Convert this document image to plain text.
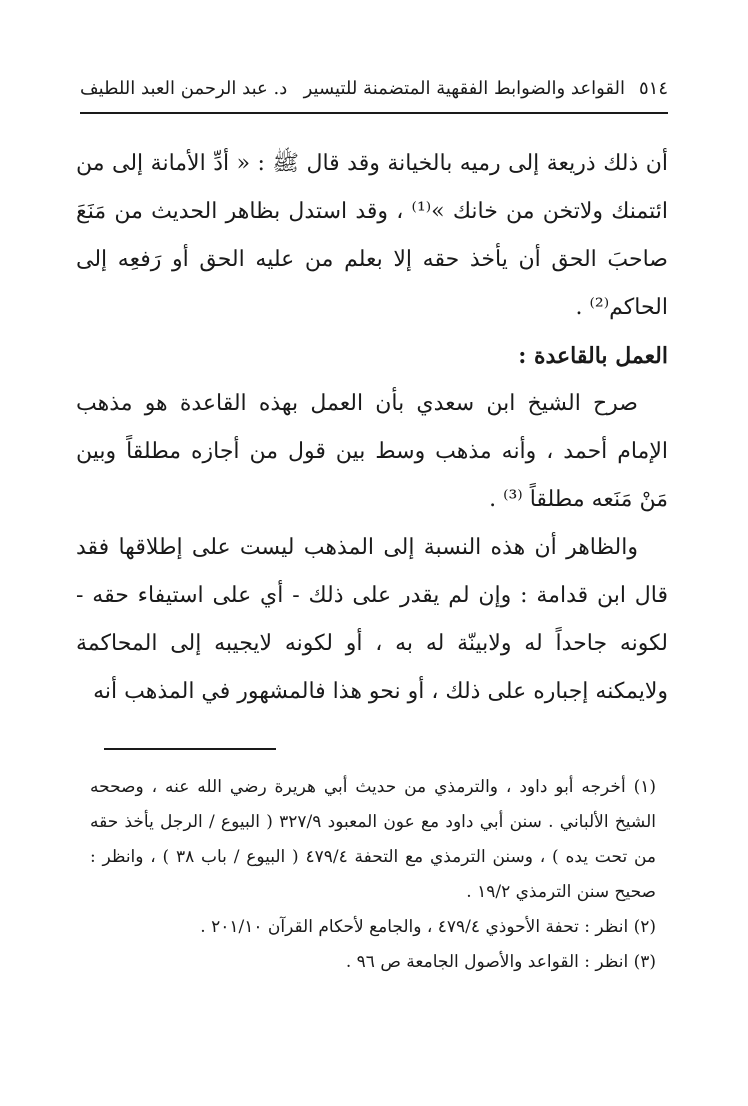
٥١٤
القواعد والضوابط الفقهية المتضمنة للتيسير
د. عبد الرحمن العبد اللطيف

أن ذلك ذريعة إلى رميه بالخيانة وقد قال ﷺ : « أدِّ الأمانة إلى من ائتمنك ولاتخن من خانك »⁽¹⁾ ، وقد استدل بظاهر الحديث من مَنَعَ صاحبَ الحق أن يأخذ حقه إلا بعلم من عليه الحق أو رَفعِه إلى الحاكم⁽²⁾ .

العمل بالقاعدة :

صرح الشيخ ابن سعدي بأن العمل بهذه القاعدة هو مذهب الإمام أحمد ، وأنه مذهب وسط بين قول من أجازه مطلقاً وبين مَنْ مَنَعه مطلقاً ⁽³⁾ .

والظاهر أن هذه النسبة إلى المذهب ليست على إطلاقها فقد قال ابن قدامة : وإن لم يقدر على ذلك - أي على استيفاء حقه - لكونه جاحداً له ولابينّة له به ، أو لكونه لايجيبه إلى المحاكمة ولايمكنه إجباره على ذلك ، أو نحو هذا فالمشهور في المذهب أنه

(١) أخرجه أبو داود ، والترمذي من حديث أبي هريرة رضي الله عنه ، وصححه الشيخ الألباني . سنن أبي داود مع عون المعبود ٣٢٧/٩ ( البيوع / الرجل يأخذ حقه من تحت يده ) ، وسنن الترمذي مع التحفة ٤٧٩/٤ ( البيوع / باب ٣٨ ) ، وانظر : صحيح سنن الترمذي ١٩/٢ .

(٢) انظر : تحفة الأحوذي ٤٧٩/٤ ، والجامع لأحكام القرآن ٢٠١/١٠ .

(٣) انظر : القواعد والأصول الجامعة ص ٩٦ .
